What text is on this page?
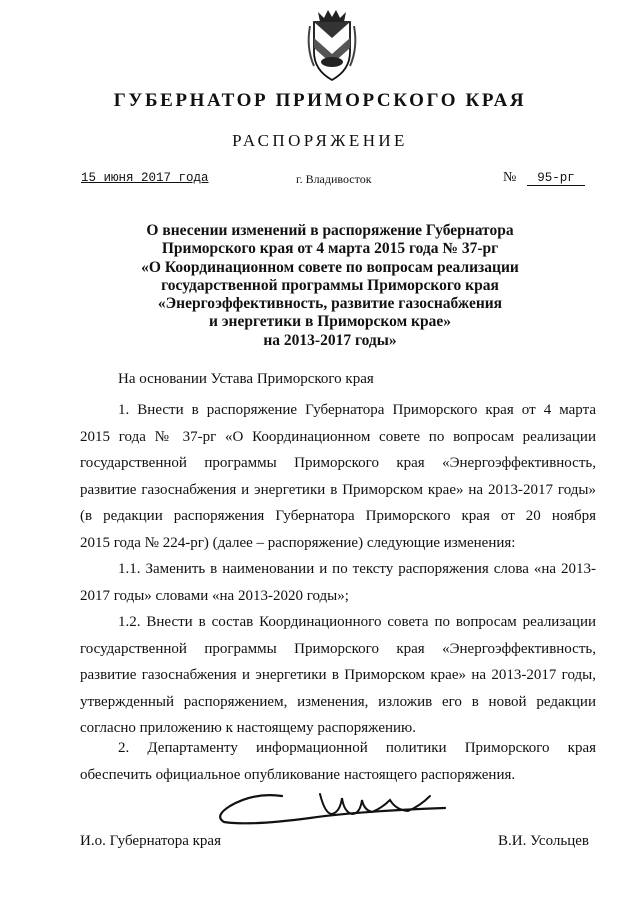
ГУБЕРНАТОР ПРИМОРСКОГО КРАЯ
РАСПОРЯЖЕНИЕ
15 июня 2017 года	г. Владивосток	№	95-рг
О внесении изменений в распоряжение Губернатора
Приморского края от 4 марта 2015 года № 37-рг
«О Координационном совете по вопросам реализации
государственной программы Приморского края
«Энергоэффективность, развитие газоснабжения
и энергетики в Приморском крае»
на 2013-2017 годы»
На основании Устава Приморского края
1. Внести в распоряжение Губернатора Приморского края от 4 марта
2015 года № 37-рг «О Координационном совете по вопросам реализации
государственной программы Приморского края «Энергоэффективность,
развитие газоснабжения и энергетики в Приморском крае» на 2013-2017 годы»
(в редакции распоряжения Губернатора Приморского края от 20 ноября
2015 года № 224-рг) (далее – распоряжение) следующие изменения:
1.1. Заменить в наименовании и по тексту распоряжения слова «на 2013-
2017 годы» словами «на 2013-2020 годы»;
1.2. Внести в состав Координационного совета по вопросам реализации
государственной программы Приморского края «Энергоэффективность,
развитие газоснабжения и энергетики в Приморском крае» на 2013-2017 годы,
утвержденный распоряжением, изменения, изложив его в новой редакции
согласно приложению к настоящему распоряжению.
2. Департаменту информационной политики Приморского края
обеспечить официальное опубликование настоящего распоряжения.
И.о. Губернатора края	В.И. Усольцев
